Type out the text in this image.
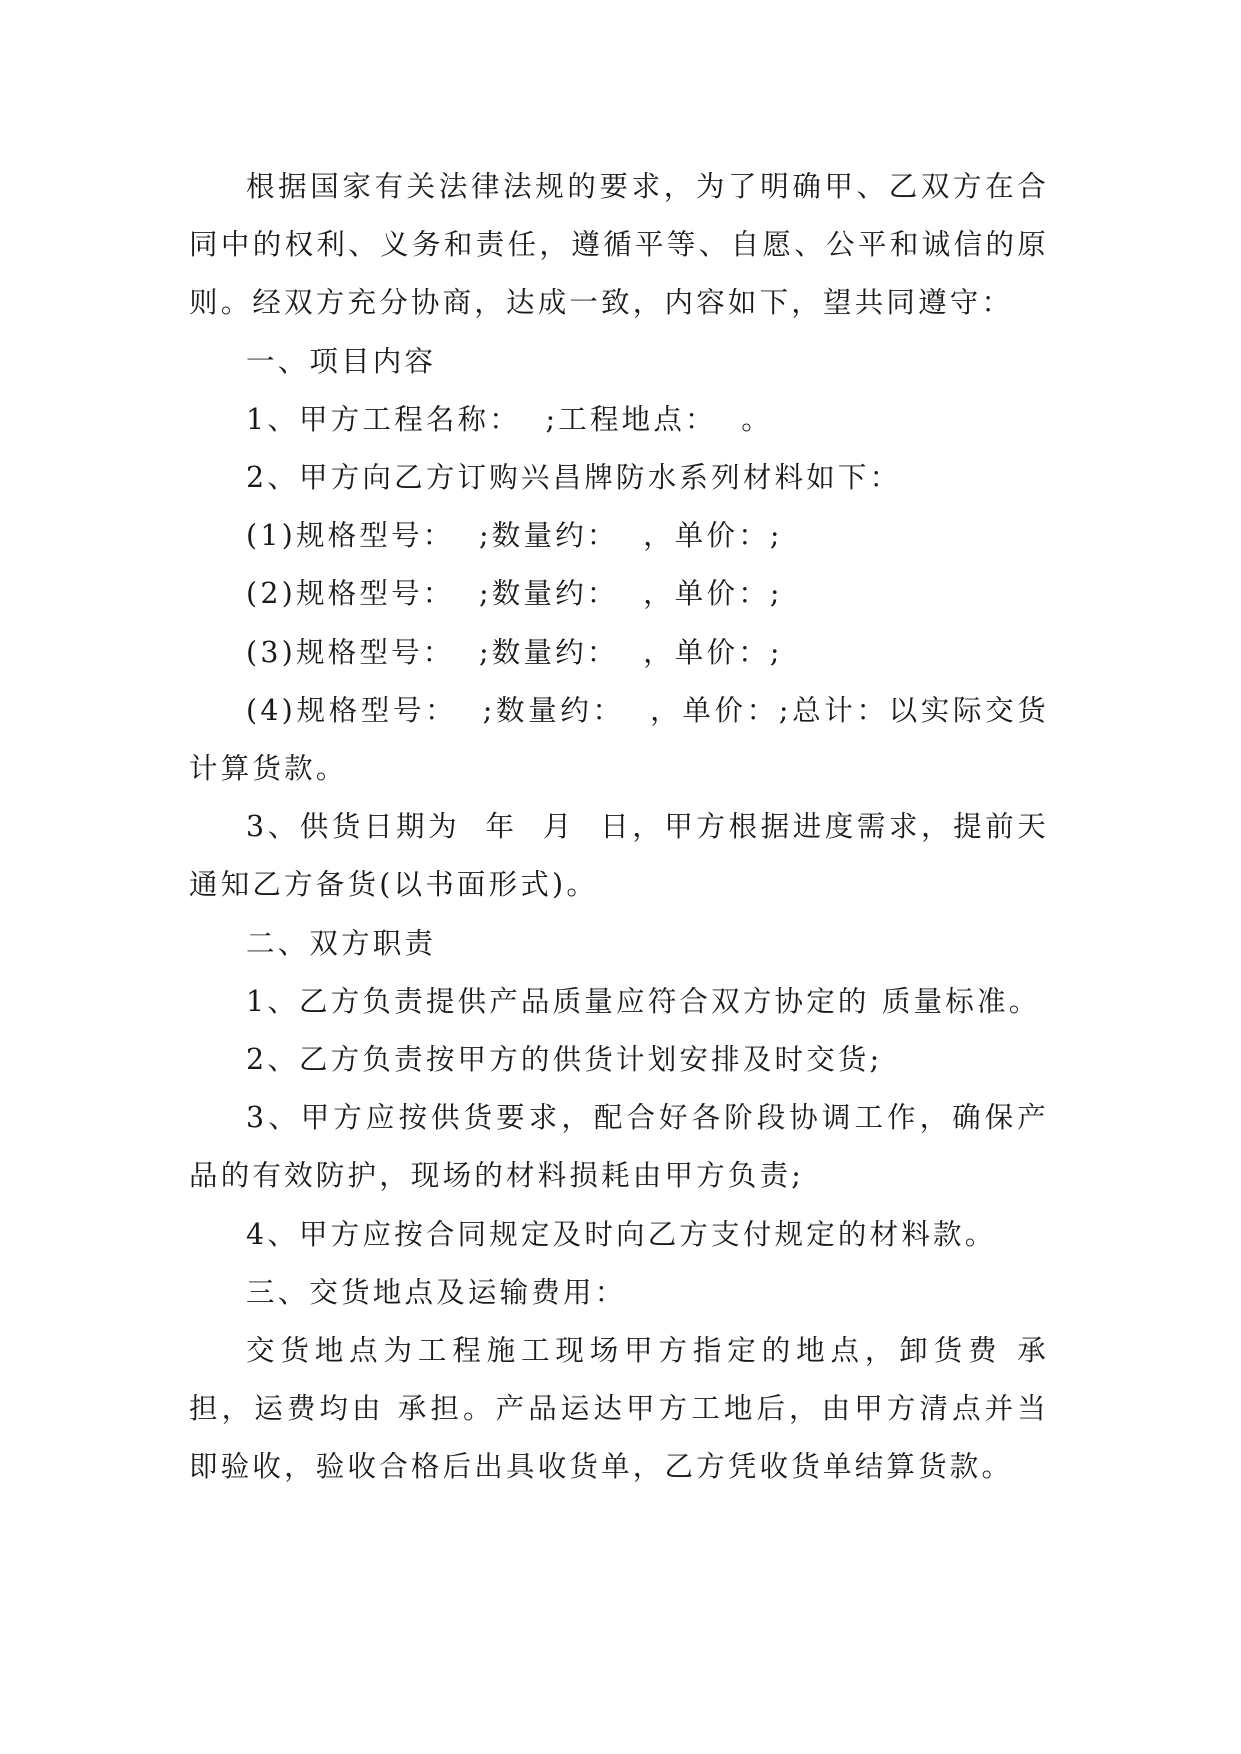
根据国家有关法律法规的要求，为了明确甲、乙双方在合同中的权利、义务和责任，遵循平等、自愿、公平和诚信的原则。经双方充分协商，达成一致，内容如下，望共同遵守：

一、项目内容

1、甲方工程名称：  ;工程地点：  。

2、甲方向乙方订购兴昌牌防水系列材料如下：

(1)规格型号：  ;数量约：  ，单价：;

(2)规格型号：  ;数量约：  ，单价：;

(3)规格型号：  ;数量约：  ，单价：;

(4)规格型号：  ;数量约：  ，单价：;总计：以实际交货计算货款。

3、供货日期为  年  月  日，甲方根据进度需求，提前天通知乙方备货(以书面形式)。

二、双方职责

1、乙方负责提供产品质量应符合双方协定的 质量标准。

2、乙方负责按甲方的供货计划安排及时交货;

3、甲方应按供货要求，配合好各阶段协调工作，确保产品的有效防护，现场的材料损耗由甲方负责;

4、甲方应按合同规定及时向乙方支付规定的材料款。

三、交货地点及运输费用：

交货地点为工程施工现场甲方指定的地点，卸货费 承担，运费均由 承担。产品运达甲方工地后，由甲方清点并当即验收，验收合格后出具收货单，乙方凭收货单结算货款。
